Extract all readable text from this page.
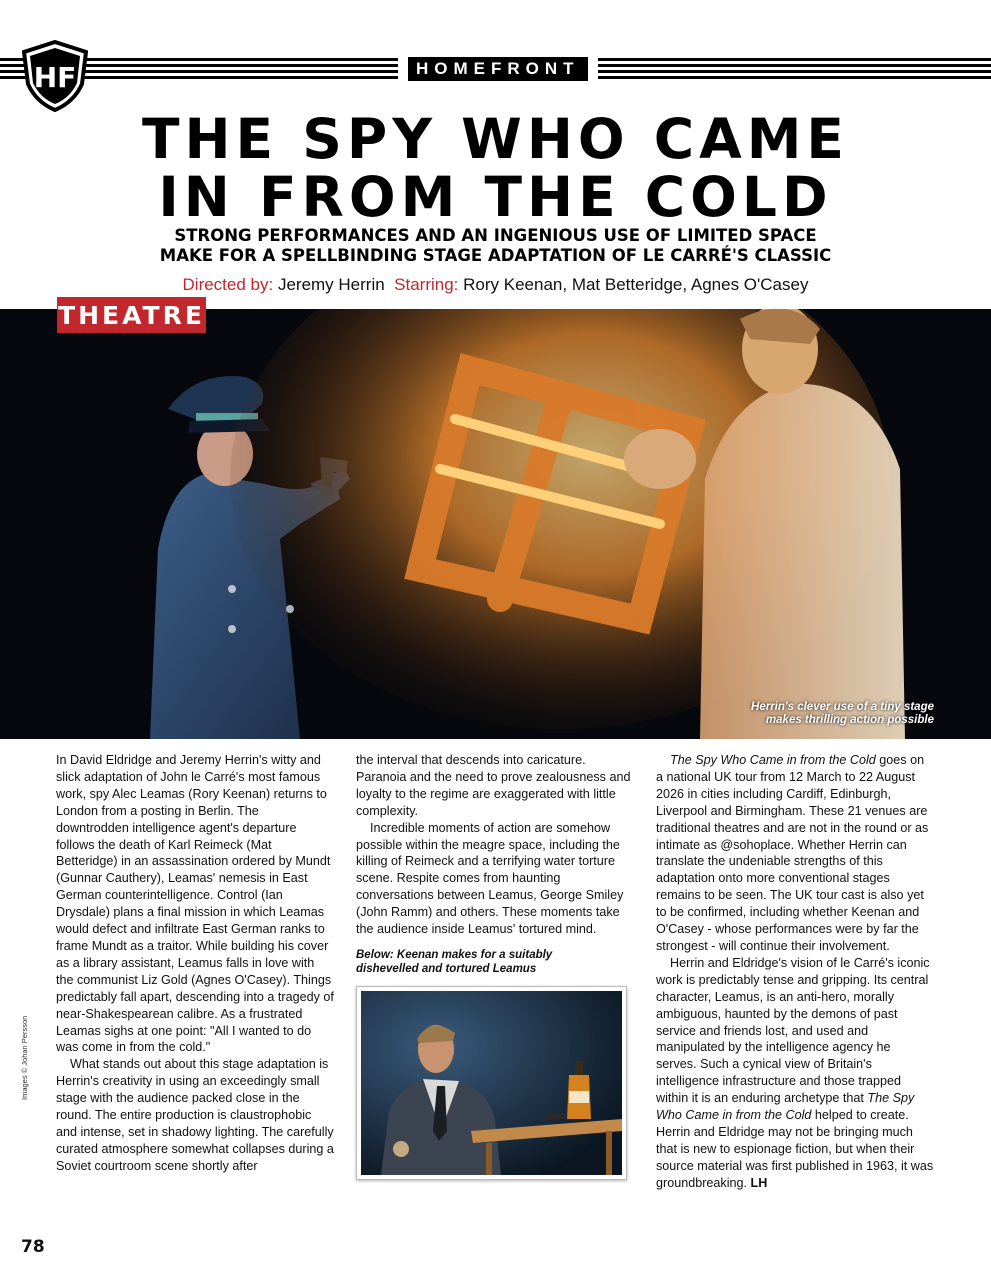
HOMEFRONT
HF
THE SPY WHO CAME
IN FROM THE COLD
STRONG PERFORMANCES AND AN INGENIOUS USE OF LIMITED SPACE
MAKE FOR A SPELLBINDING STAGE ADAPTATION OF LE CARRÉ'S CLASSIC
Directed by: Jeremy Herrin Starring: Rory Keenan, Mat Betteridge, Agnes O'Casey
THEATRE
Herrin's clever use of a tiny stage
makes thrilling action possible

In David Eldridge and Jeremy Herrin's witty and slick adaptation of John le Carré's most famous work, spy Alec Leamas (Rory Keenan) returns to London from a posting in Berlin. The downtrodden intelligence agent's departure follows the death of Karl Reimeck (Mat Betteridge) in an assassination ordered by Mundt (Gunnar Cauthery), Leamas' nemesis in East German counterintelligence. Control (Ian Drysdale) plans a final mission in which Leamas would defect and infiltrate East German ranks to frame Mundt as a traitor. While building his cover as a library assistant, Leamus falls in love with the communist Liz Gold (Agnes O'Casey). Things predictably fall apart, descending into a tragedy of near-Shakespearean calibre. As a frustrated Leamas sighs at one point: "All I wanted to do was come in from the cold."

What stands out about this stage adaptation is Herrin's creativity in using an exceedingly small stage with the audience packed close in the round. The entire production is claustrophobic and intense, set in shadowy lighting. The carefully curated atmosphere somewhat collapses during a Soviet courtroom scene shortly after

the interval that descends into caricature. Paranoia and the need to prove zealousness and loyalty to the regime are exaggerated with little complexity.

Incredible moments of action are somehow possible within the meagre space, including the killing of Reimeck and a terrifying water torture scene. Respite comes from haunting conversations between Leamus, George Smiley (John Ramm) and others. These moments take the audience inside Leamus' tortured mind.

Below: Keenan makes for a suitably
dishevelled and tortured Leamus

The Spy Who Came in from the Cold goes on a national UK tour from 12 March to 22 August 2026 in cities including Cardiff, Edinburgh, Liverpool and Birmingham. These 21 venues are traditional theatres and are not in the round or as intimate as @sohoplace. Whether Herrin can translate the undeniable strengths of this adaptation onto more conventional stages remains to be seen. The UK tour cast is also yet to be confirmed, including whether Keenan and O'Casey - whose performances were by far the strongest - will continue their involvement.

Herrin and Eldridge's vision of le Carré's iconic work is predictably tense and gripping. Its central character, Leamus, is an anti-hero, morally ambiguous, haunted by the demons of past service and friends lost, and used and manipulated by the intelligence agency he serves. Such a cynical view of Britain's intelligence infrastructure and those trapped within it is an enduring archetype that The Spy Who Came in from the Cold helped to create. Herrin and Eldridge may not be bringing much that is new to espionage fiction, but when their source material was first published in 1963, it was groundbreaking. LH

Images © Johan Persson
78
